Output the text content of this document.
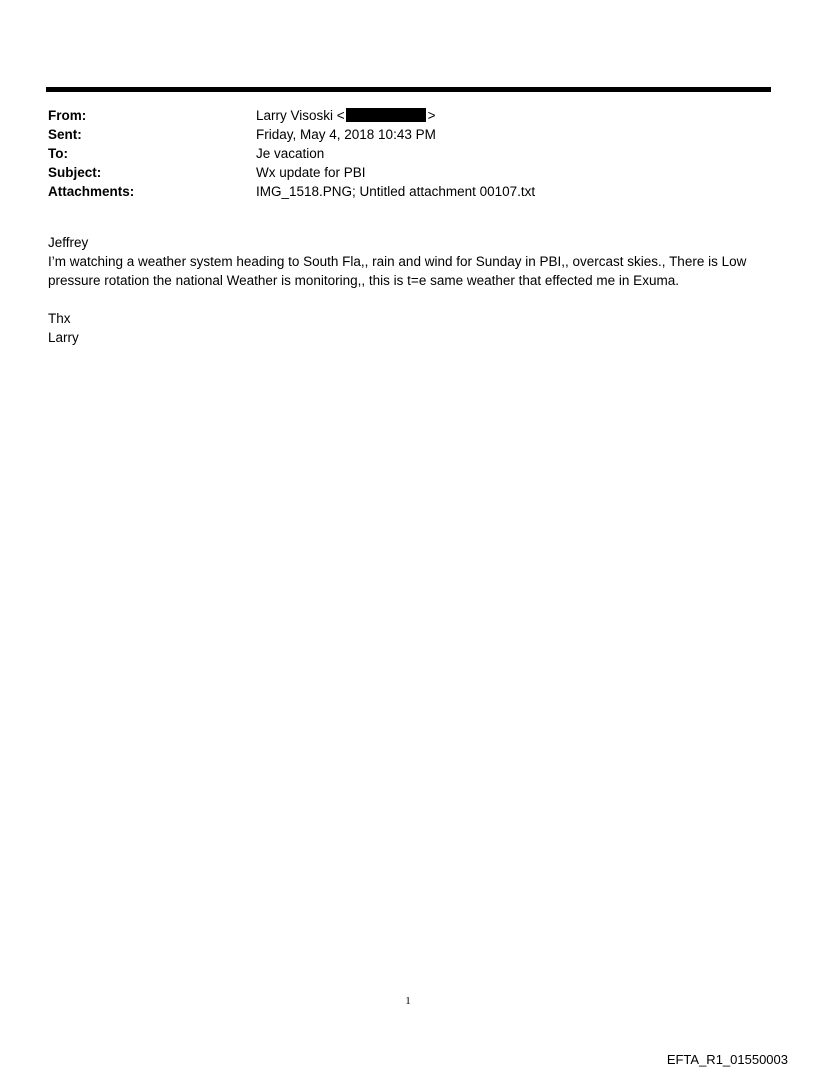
From:	Larry Visoski <	>
Sent:	Friday, May 4, 2018 10:43 PM
To:	Je vacation
Subject:	Wx update for PBI
Attachments:	IMG_1518.PNG; Untitled attachment 00107.txt

Jeffrey

I’m watching a weather system heading to South Fla,, rain and wind for Sunday in PBI,, overcast skies., There is Low

pressure rotation the national Weather is monitoring,, this is t=e same weather that effected me in Exuma.

Thx

Larry

1
EFTA_R1_01550003
